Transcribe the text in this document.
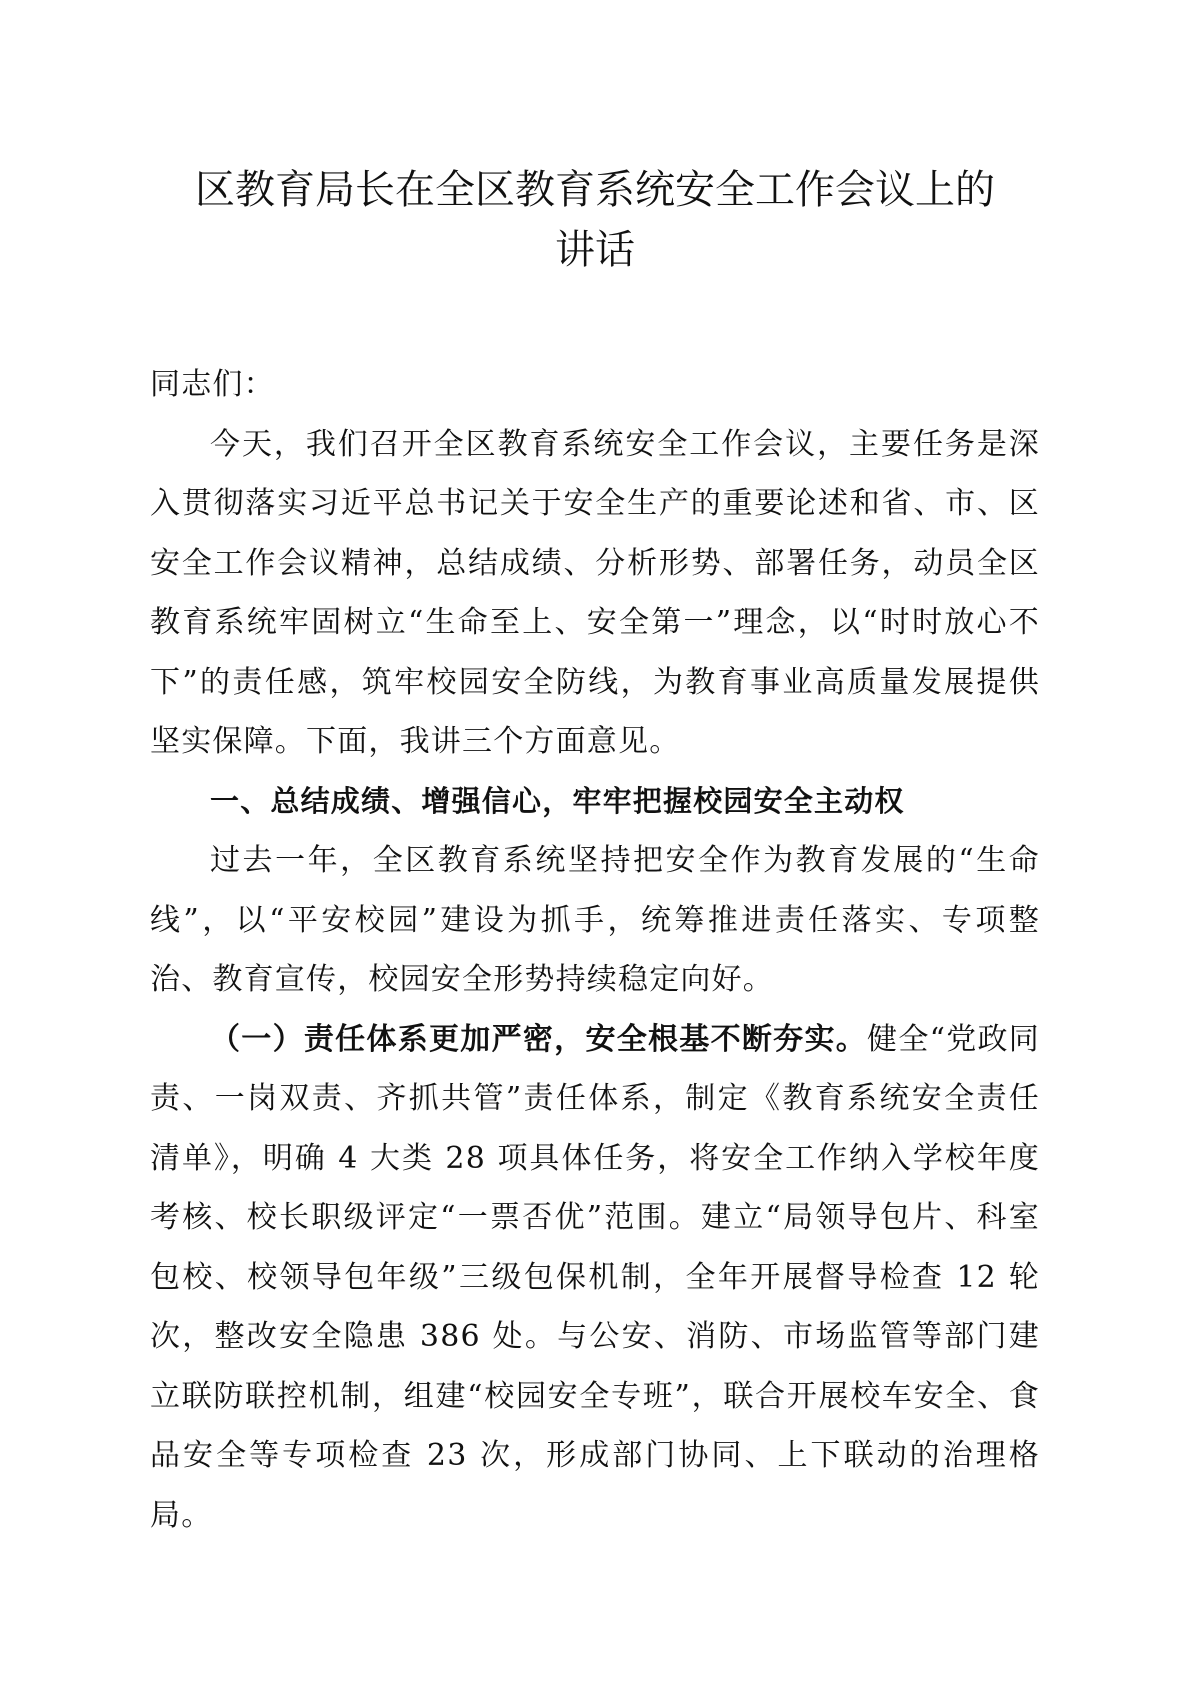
区教育局长在全区教育系统安全工作会议上的
讲话

同志们：

今天，我们召开全区教育系统安全工作会议，主要任务是深入贯彻落实习近平总书记关于安全生产的重要论述和省、市、区安全工作会议精神，总结成绩、分析形势、部署任务，动员全区教育系统牢固树立“生命至上、安全第一”理念，以“时时放心不下”的责任感，筑牢校园安全防线，为教育事业高质量发展提供坚实保障。下面，我讲三个方面意见。

一、总结成绩、增强信心，牢牢把握校园安全主动权

过去一年，全区教育系统坚持把安全作为教育发展的“生命线”，以“平安校园”建设为抓手，统筹推进责任落实、专项整治、教育宣传，校园安全形势持续稳定向好。

（一）责任体系更加严密，安全根基不断夯实。健全“党政同责、一岗双责、齐抓共管”责任体系，制定《教育系统安全责任清单》，明确 4 大类 28 项具体任务，将安全工作纳入学校年度考核、校长职级评定“一票否优”范围。建立“局领导包片、科室包校、校领导包年级”三级包保机制，全年开展督导检查 12 轮次，整改安全隐患 386 处。与公安、消防、市场监管等部门建立联防联控机制，组建“校园安全专班”，联合开展校车安全、食品安全等专项检查 23 次，形成部门协同、上下联动的治理格局。
